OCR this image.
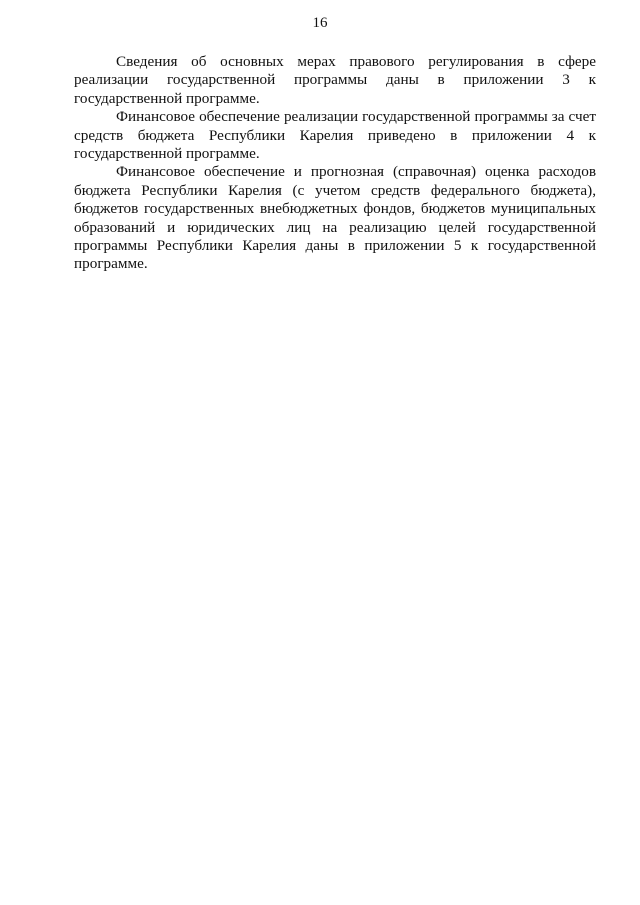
16

Сведения об основных мерах правового регулирования в сфере реализации государственной программы даны в приложении 3 к государственной программе.

Финансовое обеспечение реализации государственной программы за счет средств бюджета Республики Карелия приведено в приложении 4 к государственной программе.

Финансовое обеспечение и прогнозная (справочная) оценка расходов бюджета Республики Карелия (с учетом средств федерального бюджета), бюджетов государственных внебюджетных фондов, бюджетов муниципальных образований и юридических лиц на реализацию целей государственной программы Республики Карелия даны в приложении 5 к государственной программе.
